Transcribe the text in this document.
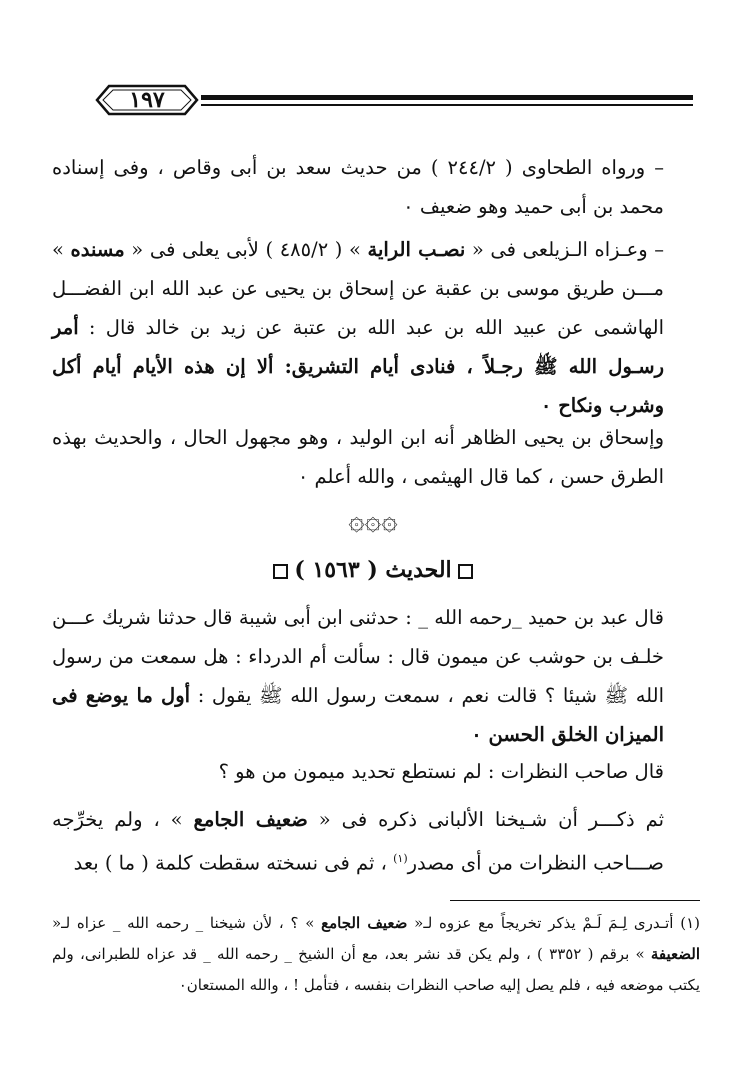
١٩٧

– ورواه الطحاوى ( ٢٤٤/٢ ) من حديث سعد بن أبى وقاص ، وفى إسناده محمد بن أبى حميد وهو ضعيف ٠

– وعـزاه الـزيلعى فى « نصـب الراية » ( ٤٨٥/٢ ) لأبى يعلى فى « مسنده » مـــن طريق موسى بن عقبة عن إسحاق بن يحيى عن عبد الله ابن الفضـــل الهاشمى عن عبيد الله بن عبد الله بن عتبة عن زيد بن خالد قال : أمر رسـول الله ﷺ رجـلاً ، فنادى أيام التشريق: ألا إن هذه الأيام أيام أكل وشرب ونكاح ٠

وإسحاق بن يحيى الظاهر أنه ابن الوليد ، وهو مجهول الحال ، والحديث بهذه الطرق حسن ، كما قال الهيثمى ، والله أعلم ٠

۞۞۞
الحديث ( ١٥٦٣ )

قال عبد بن حميد _رحمه الله _ : حدثنى ابن أبى شيبة قال حدثنا شريك عـــن خلـف بن حوشب عن ميمون قال : سألت أم الدرداء : هل سمعت من رسول الله ﷺ شيئا ؟ قالت نعم ، سمعت رسول الله ﷺ يقول : أول ما يوضع فى الميزان الخلق الحسن ٠

قال صاحب النظرات : لم نستطع تحديد ميمون من هو ؟

ثم ذكـــر أن شـيخنا الألبانى ذكره فى « ضعيف الجامع » ، ولم يخرِّجه صـــاحب النظرات من أى مصدر$^{(١)}$ ، ثم فى نسخته سقطت كلمة ( ما ) بعد

(١) أتـدرى لِـمَ لَـمْ يذكر تخريجاً مع عزوه لـ« ضعيف الجامع » ؟ ، لأن شيخنا _ رحمه الله _ عزاه لـ« الضعيفة » برقم ( ٣٣٥٢ ) ، ولم يكن قد نشر بعد، مع أن الشيخ _ رحمه الله _ قد عزاه للطبرانى، ولم يكتب موضعه فيه ، فلم يصل إليه صاحب النظرات بنفسه ، فتأمل ! ، والله المستعان٠
